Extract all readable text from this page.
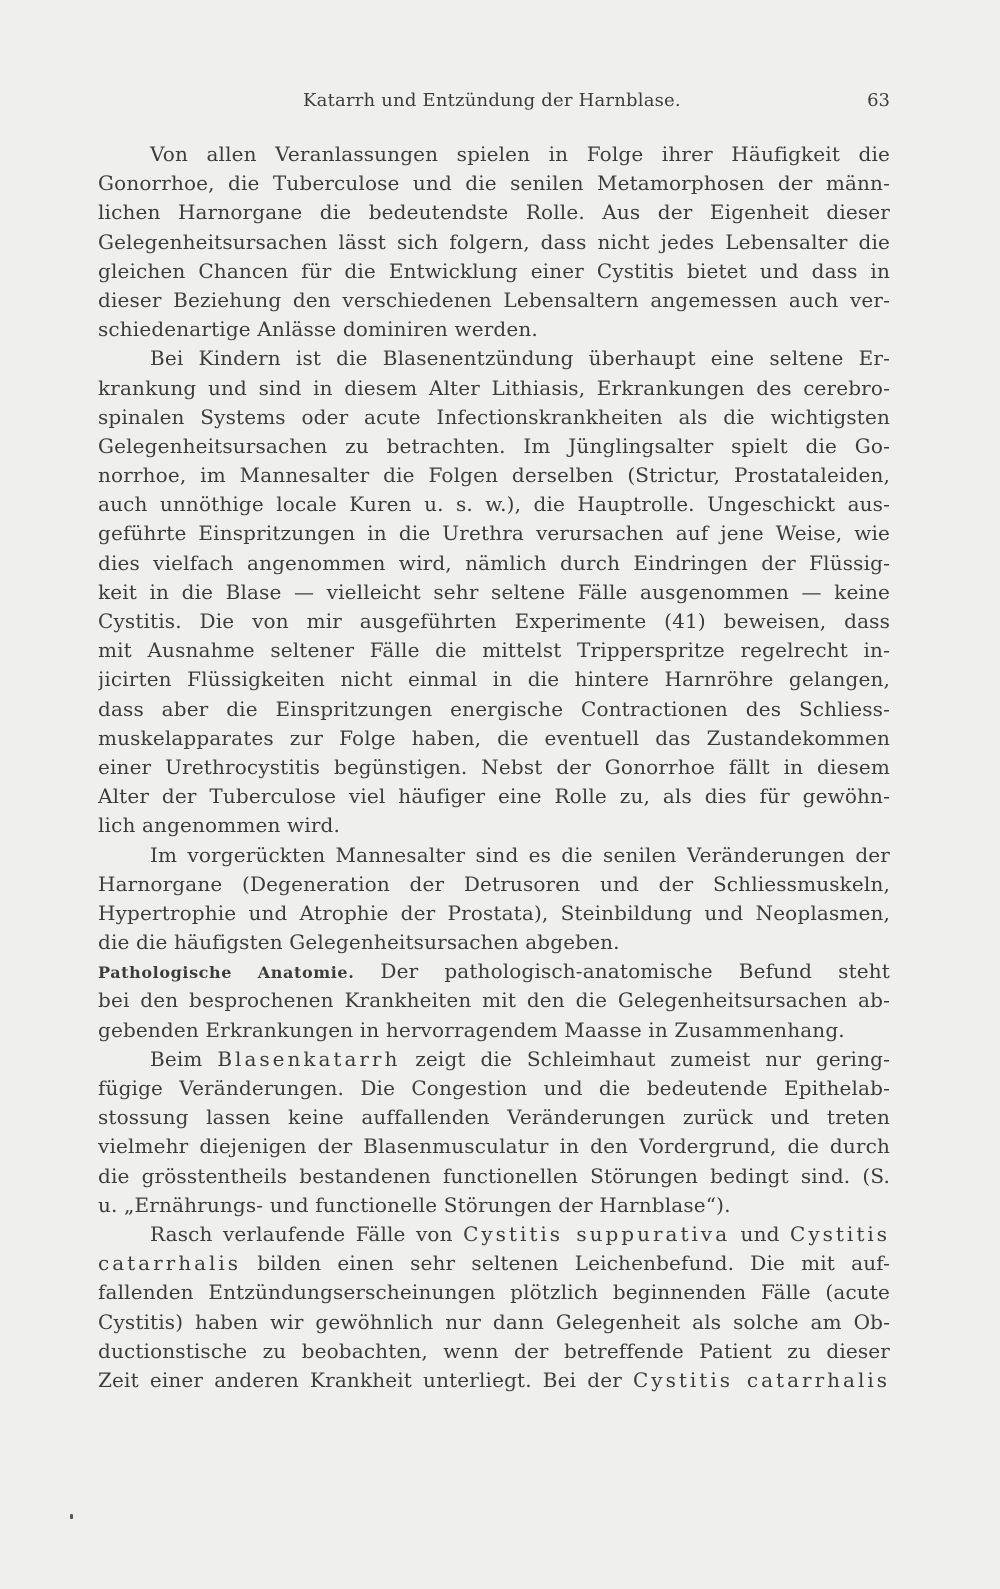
Katarrh und Entzündung der Harnblase.	63
Von allen Veranlassungen spielen in Folge ihrer Häufigkeit die
Gonorrhoe, die Tuberculose und die senilen Metamorphosen der männ-
lichen Harnorgane die bedeutendste Rolle. Aus der Eigenheit dieser
Gelegenheitsursachen lässt sich folgern, dass nicht jedes Lebensalter die
gleichen Chancen für die Entwicklung einer Cystitis bietet und dass in
dieser Beziehung den verschiedenen Lebensaltern angemessen auch ver-
schiedenartige Anlässe dominiren werden.
Bei Kindern ist die Blasenentzündung überhaupt eine seltene Er-
krankung und sind in diesem Alter Lithiasis, Erkrankungen des cerebro-
spinalen Systems oder acute Infectionskrankheiten als die wichtigsten
Gelegenheitsursachen zu betrachten. Im Jünglingsalter spielt die Go-
norrhoe, im Mannesalter die Folgen derselben (Strictur, Prostataleiden,
auch unnöthige locale Kuren u. s. w.), die Hauptrolle. Ungeschickt aus-
geführte Einspritzungen in die Urethra verursachen auf jene Weise, wie
dies vielfach angenommen wird, nämlich durch Eindringen der Flüssig-
keit in die Blase — vielleicht sehr seltene Fälle ausgenommen — keine
Cystitis. Die von mir ausgeführten Experimente (41) beweisen, dass
mit Ausnahme seltener Fälle die mittelst Tripperspritze regelrecht in-
jicirten Flüssigkeiten nicht einmal in die hintere Harnröhre gelangen,
dass aber die Einspritzungen energische Contractionen des Schliess-
muskelapparates zur Folge haben, die eventuell das Zustandekommen
einer Urethrocystitis begünstigen. Nebst der Gonorrhoe fällt in diesem
Alter der Tuberculose viel häufiger eine Rolle zu, als dies für gewöhn-
lich angenommen wird.
Im vorgerückten Mannesalter sind es die senilen Veränderungen der
Harnorgane (Degeneration der Detrusoren und der Schliessmuskeln,
Hypertrophie und Atrophie der Prostata), Steinbildung und Neoplasmen,
die die häufigsten Gelegenheitsursachen abgeben.
Pathologische Anatomie. Der pathologisch-anatomische Befund steht
bei den besprochenen Krankheiten mit den die Gelegenheitsursachen ab-
gebenden Erkrankungen in hervorragendem Maasse in Zusammenhang.
Beim Blasenkatarrh zeigt die Schleimhaut zumeist nur gering-
fügige Veränderungen. Die Congestion und die bedeutende Epithelab-
stossung lassen keine auffallenden Veränderungen zurück und treten
vielmehr diejenigen der Blasenmusculatur in den Vordergrund, die durch
die grösstentheils bestandenen functionellen Störungen bedingt sind. (S.
u. „Ernährungs- und functionelle Störungen der Harnblase“).
Rasch verlaufende Fälle von Cystitis suppurativa und Cystitis
catarrhalis bilden einen sehr seltenen Leichenbefund. Die mit auf-
fallenden Entzündungserscheinungen plötzlich beginnenden Fälle (acute
Cystitis) haben wir gewöhnlich nur dann Gelegenheit als solche am Ob-
ductionstische zu beobachten, wenn der betreffende Patient zu dieser
Zeit einer anderen Krankheit unterliegt. Bei der Cystitis catarrhalis
